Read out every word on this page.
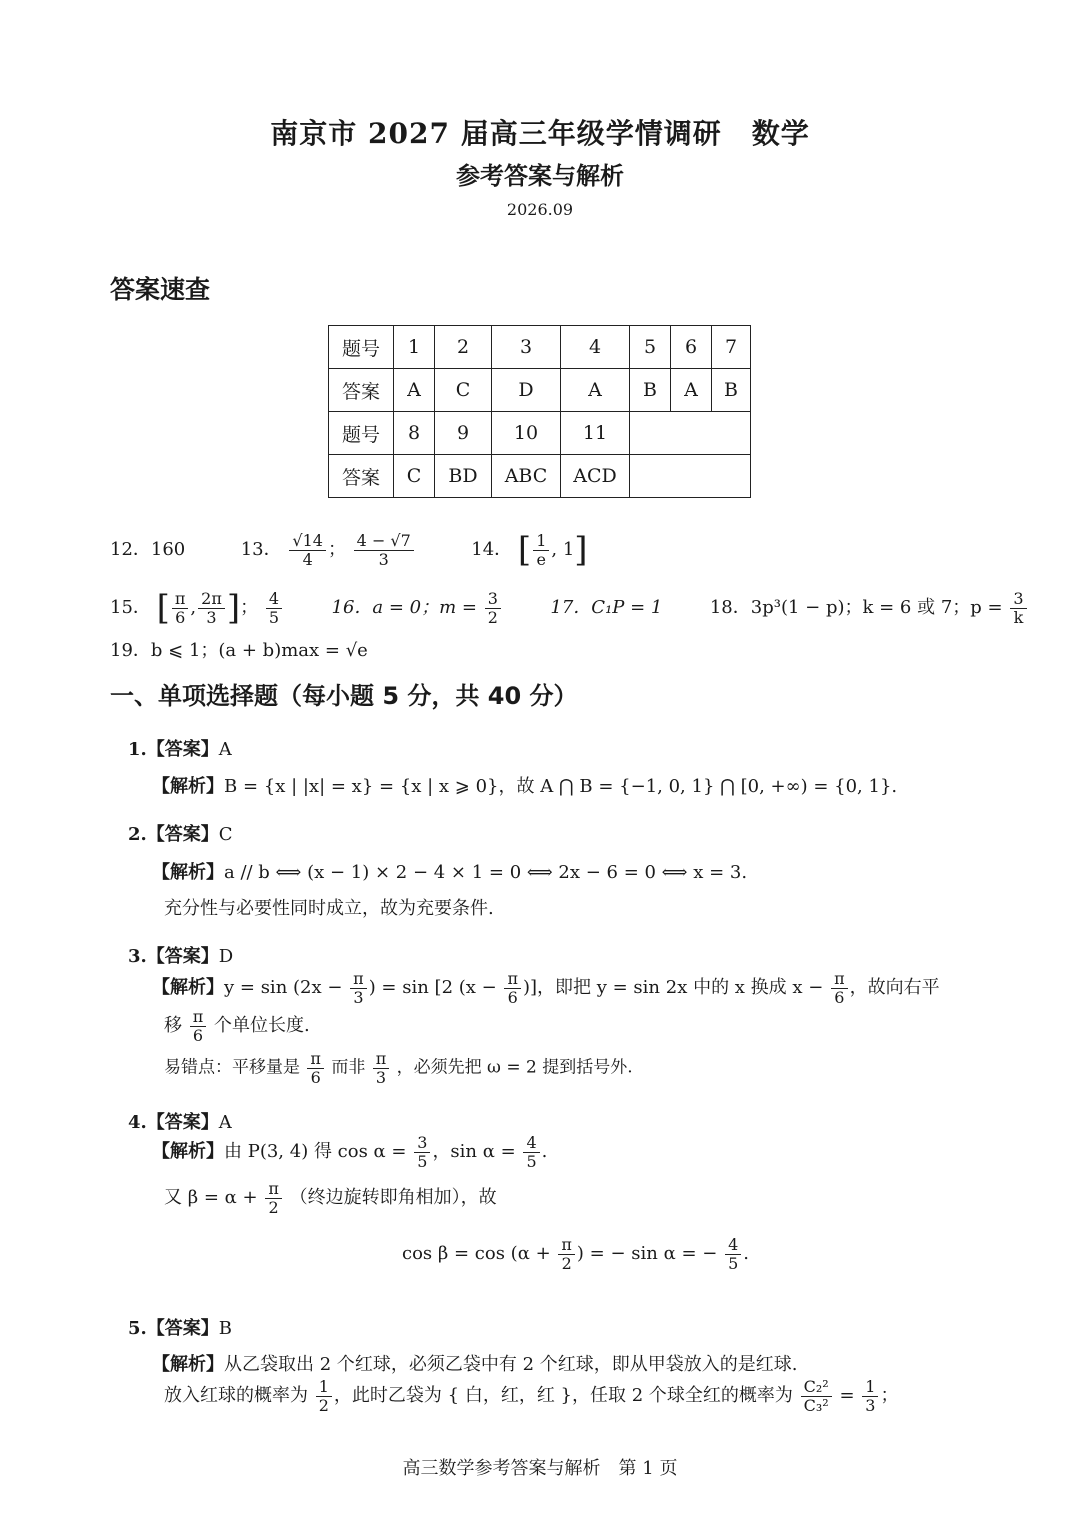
南京市 2027 届高三年级学情调研 数学
参考答案与解析
2026.09
答案速查
题号	1	2	3	4	5	6	7
答案	A	C	D	A	B	A	B
题号	8	9	10	11			
答案	C	BD	ABC	ACD			
12．160	13． $\frac{√14}{4}$ ； $\frac{4 - √7}{3}$	14． [ $\frac{1}{e}$ , 1]
15． [ $\frac{\pi}{6}$ , $\frac{2\pi}{3}$ ]； $\frac{4}{5}$	16．a = 0；$m = \frac{3}{2}$	17．C₁P = 1	18．3p³(1 − p)；k = 6 或 7；$p = \frac{3}{k}$
19．b ⩽ 1；(a + b)max = √e
一、单项选择题（每小题 5 分，共 40 分）
1.【答案】A
【解析】B = {x | |x| = x} = {x | x ⩾ 0}，故 A ⋂ B = {−1, 0, 1} ⋂ [0, +∞) = {0, 1}.
2.【答案】C
【解析】a // b ⟺ (x − 1) × 2 − 4 × 1 = 0 ⟺ 2x − 6 = 0 ⟺ x = 3.
充分性与必要性同时成立，故为充要条件.
3.【答案】D
【解析】$y = \sin (2x - \frac{\pi}{3}$ ) = sin [2 ($x - \frac{\pi}{6}$ )]，即把 y = sin 2x 中的 x 换成 $x - \frac{\pi}{6}$ ，故向右平
移 $\frac{\pi}{6}$ 个单位长度.
易错点：平移量是 $\frac{\pi}{6}$ 而非 $\frac{\pi}{3}$ ，必须先把 ω = 2 提到括号外.
4.【答案】A
【解析】由 P(3, 4) 得 $\cos \alpha = \frac{3}{5}$ ，$\sin \alpha = \frac{4}{5}$ .
又 $\beta = \alpha + \frac{\pi}{2}$ （终边旋转即角相加），故
$\cos \beta = \cos (\alpha + \frac{\pi}{2}$ ) = − sin α = − $\frac{4}{5}$ .
5.【答案】B
【解析】从乙袋取出 2 个红球，必须乙袋中有 2 个红球，即从甲袋放入的是红球.
放入红球的概率为 $\frac{1}{2}$ ，此时乙袋为 { 白，红，红 }，任取 2 个球全红的概率为 $\frac{\text{C₂²}}{\text{C₃²}} = \frac{1}{3}$ ；
高三数学参考答案与解析　第 1 页
